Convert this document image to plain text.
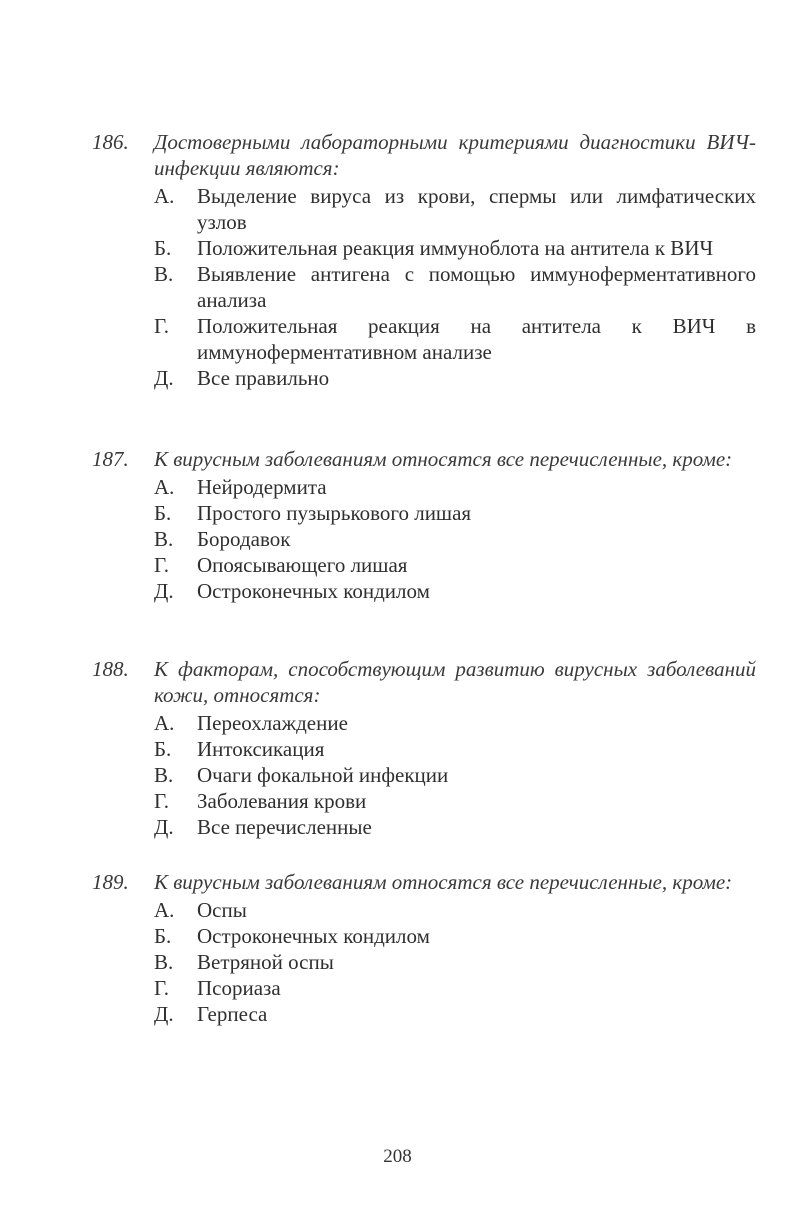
186. Достоверными лабораторными критериями диагностики ВИЧ-инфекции являются:
А. Выделение вируса из крови, спермы или лимфатических узлов
Б. Положительная реакция иммуноблота на антитела к ВИЧ
В. Выявление антигена с помощью иммуноферментативного анализа
Г. Положительная реакция на антитела к ВИЧ в иммуноферментативном анализе
Д. Все правильно
187. К вирусным заболеваниям относятся все перечисленные, кроме:
А. Нейродермита
Б. Простого пузырькового лишая
В. Бородавок
Г. Опоясывающего лишая
Д. Остроконечных кондилом
188. К факторам, способствующим развитию вирусных заболеваний кожи, относятся:
А. Переохлаждение
Б. Интоксикация
В. Очаги фокальной инфекции
Г. Заболевания крови
Д. Все перечисленные
189. К вирусным заболеваниям относятся все перечисленные, кроме:
А. Оспы
Б. Остроконечных кондилом
В. Ветряной оспы
Г. Псориаза
Д. Герпеса
208
